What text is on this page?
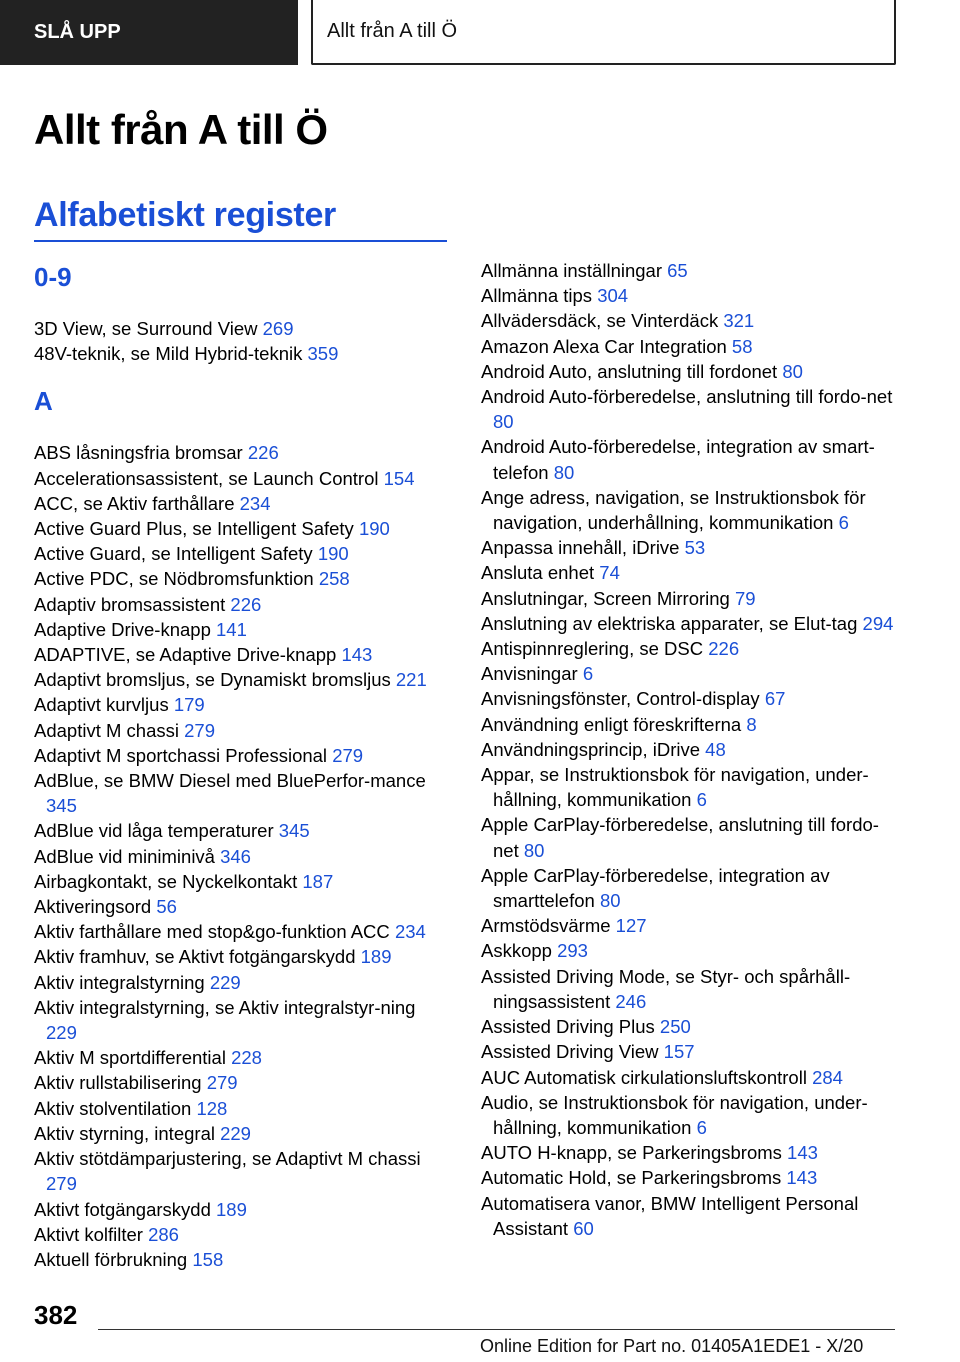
SLÅ UPP	Allt från A till Ö
Allt från A till Ö
Alfabetiskt register
0-9
3D View, se Surround View 269
48V-teknik, se Mild Hybrid-teknik 359
A
ABS låsningsfria bromsar 226
Accelerationsassistent, se Launch Control 154
ACC, se Aktiv farthållare 234
Active Guard Plus, se Intelligent Safety 190
Active Guard, se Intelligent Safety 190
Active PDC, se Nödbromsfunktion 258
Adaptiv bromsassistent 226
Adaptive Drive-knapp 141
ADAPTIVE, se Adaptive Drive-knapp 143
Adaptivt bromsljus, se Dynamiskt bromsljus 221
Adaptivt kurvljus 179
Adaptivt M chassi 279
Adaptivt M sportchassi Professional 279
AdBlue, se BMW Diesel med BluePerfor-mance 345
AdBlue vid låga temperaturer 345
AdBlue vid miniminivå 346
Airbagkontakt, se Nyckelkontakt 187
Aktiveringsord 56
Aktiv farthållare med stop&go-funktion ACC 234
Aktiv framhuv, se Aktivt fotgängarskydd 189
Aktiv integralstyrning 229
Aktiv integralstyrning, se Aktiv integralstyr-ning 229
Aktiv M sportdifferential 228
Aktiv rullstabilisering 279
Aktiv stolventilation 128
Aktiv styrning, integral 229
Aktiv stötdämparjustering, se Adaptivt M chassi 279
Aktivt fotgängarskydd 189
Aktivt kolfilter 286
Aktuell förbrukning 158
Allmänna inställningar 65
Allmänna tips 304
Allvädersdäck, se Vinterdäck 321
Amazon Alexa Car Integration 58
Android Auto, anslutning till fordonet 80
Android Auto-förberedelse, anslutning till fordo-net 80
Android Auto-förberedelse, integration av smart-telefon 80
Ange adress, navigation, se Instruktionsbok för navigation, underhållning, kommunikation 6
Anpassa innehåll, iDrive 53
Ansluta enhet 74
Anslutningar, Screen Mirroring 79
Anslutning av elektriska apparater, se Elut-tag 294
Antispinnreglering, se DSC 226
Anvisningar 6
Anvisningsfönster, Control-display 67
Användning enligt föreskrifterna 8
Användningsprincip, iDrive 48
Appar, se Instruktionsbok för navigation, under-hållning, kommunikation 6
Apple CarPlay-förberedelse, anslutning till fordo-net 80
Apple CarPlay-förberedelse, integration av smarttelefon 80
Armstödsvärme 127
Askkopp 293
Assisted Driving Mode, se Styr- och spårhåll-ningsassistent 246
Assisted Driving Plus 250
Assisted Driving View 157
AUC Automatisk cirkulationsluftskontroll 284
Audio, se Instruktionsbok för navigation, under-hållning, kommunikation 6
AUTO H-knapp, se Parkeringsbroms 143
Automatic Hold, se Parkeringsbroms 143
Automatisera vanor, BMW Intelligent Personal Assistant 60
382
Online Edition for Part no. 01405A1EDE1 - X/20
